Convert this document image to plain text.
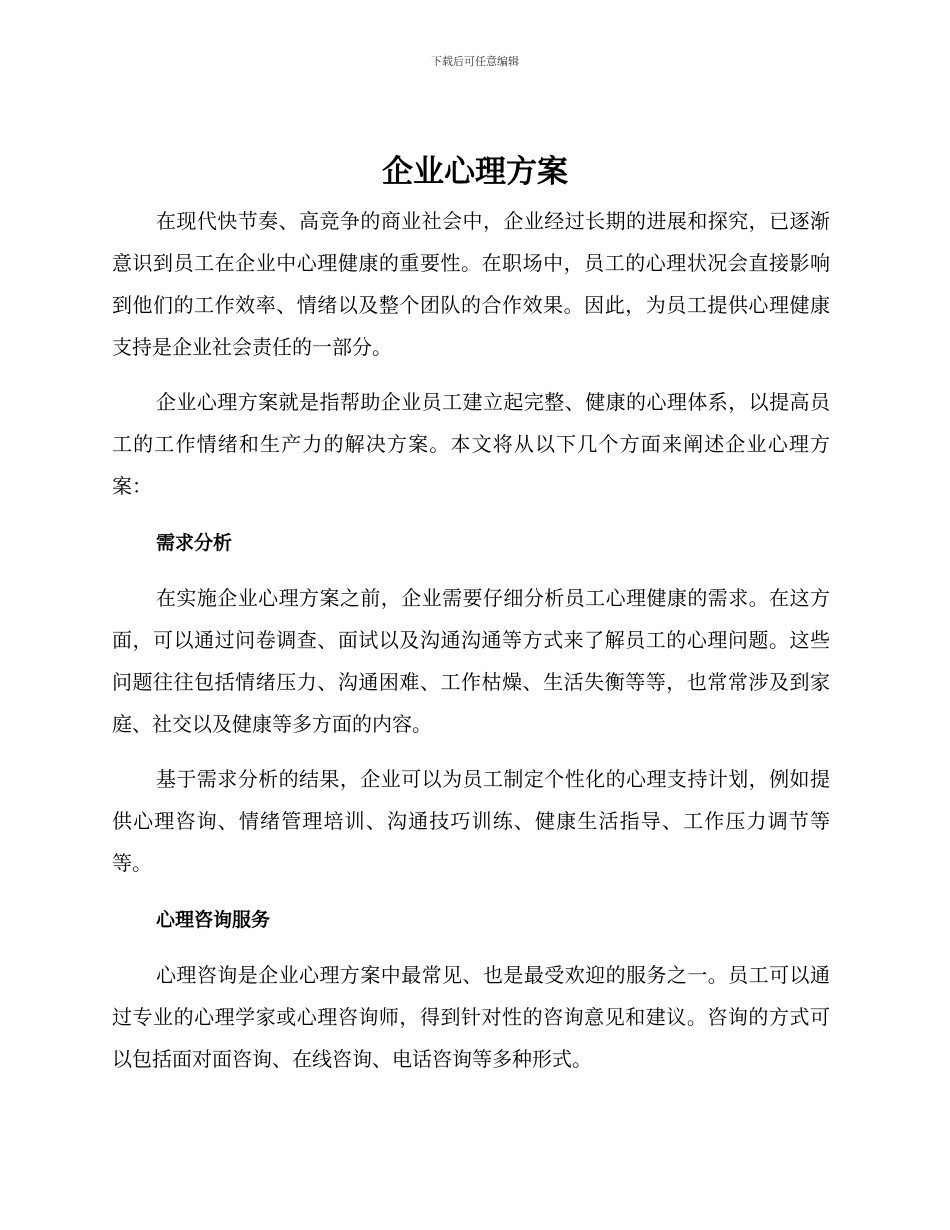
下载后可任意编辑
企业心理方案

在现代快节奏、高竞争的商业社会中，企业经过长期的进展和探究，已逐渐意识到员工在企业中心理健康的重要性。在职场中，员工的心理状况会直接影响到他们的工作效率、情绪以及整个团队的合作效果。因此，为员工提供心理健康支持是企业社会责任的一部分。

企业心理方案就是指帮助企业员工建立起完整、健康的心理体系，以提高员工的工作情绪和生产力的解决方案。本文将从以下几个方面来阐述企业心理方案：

需求分析

在实施企业心理方案之前，企业需要仔细分析员工心理健康的需求。在这方面，可以通过问卷调查、面试以及沟通沟通等方式来了解员工的心理问题。这些问题往往包括情绪压力、沟通困难、工作枯燥、生活失衡等等，也常常涉及到家庭、社交以及健康等多方面的内容。

基于需求分析的结果，企业可以为员工制定个性化的心理支持计划，例如提供心理咨询、情绪管理培训、沟通技巧训练、健康生活指导、工作压力调节等等。

心理咨询服务

心理咨询是企业心理方案中最常见、也是最受欢迎的服务之一。员工可以通过专业的心理学家或心理咨询师，得到针对性的咨询意见和建议。咨询的方式可以包括面对面咨询、在线咨询、电话咨询等多种形式。
